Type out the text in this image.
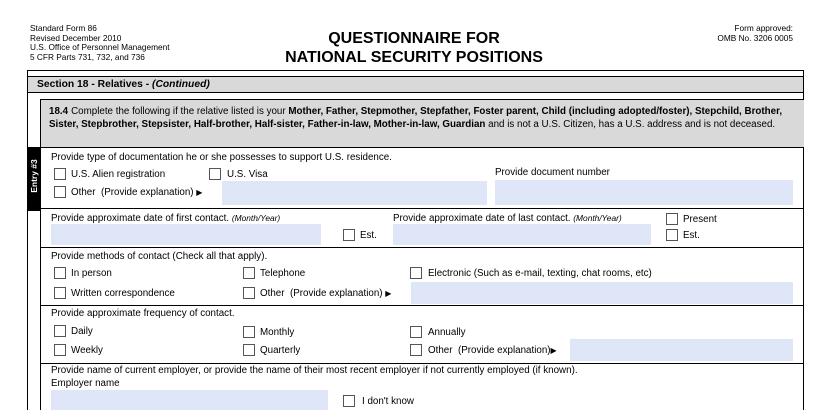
Standard Form 86
Revised December 2010
U.S. Office of Personnel Management
5 CFR Parts 731, 732, and 736
QUESTIONNAIRE FOR
NATIONAL SECURITY POSITIONS
Form approved:
OMB No. 3206 0005
Section 18 - Relatives - (Continued)
18.4 Complete the following if the relative listed is your Mother, Father, Stepmother, Stepfather, Foster parent, Child (including adopted/foster), Stepchild, Brother, Sister, Stepbrother, Stepsister, Half-brother, Half-sister, Father-in-law, Mother-in-law, Guardian and is not a U.S. Citizen, has a U.S. address and is not deceased.
Entry #3
Provide type of documentation he or she possesses to support U.S. residence.
U.S. Alien registration	U.S. Visa
Other (Provide explanation) ▶
Provide document number
Provide approximate date of first contact. (Month/Year)
Est.
Provide approximate date of last contact. (Month/Year)	Present
Est.
Provide methods of contact (Check all that apply).
In person	Telephone	Electronic (Such as e-mail, texting, chat rooms, etc)
Written correspondence	Other (Provide explanation) ▶
Provide approximate frequency of contact.
Daily	Monthly	Annually
Weekly	Quarterly	Other (Provide explanation)▶
Provide name of current employer, or provide the name of their most recent employer if not currently employed (if known).
Employer name
I don't know
